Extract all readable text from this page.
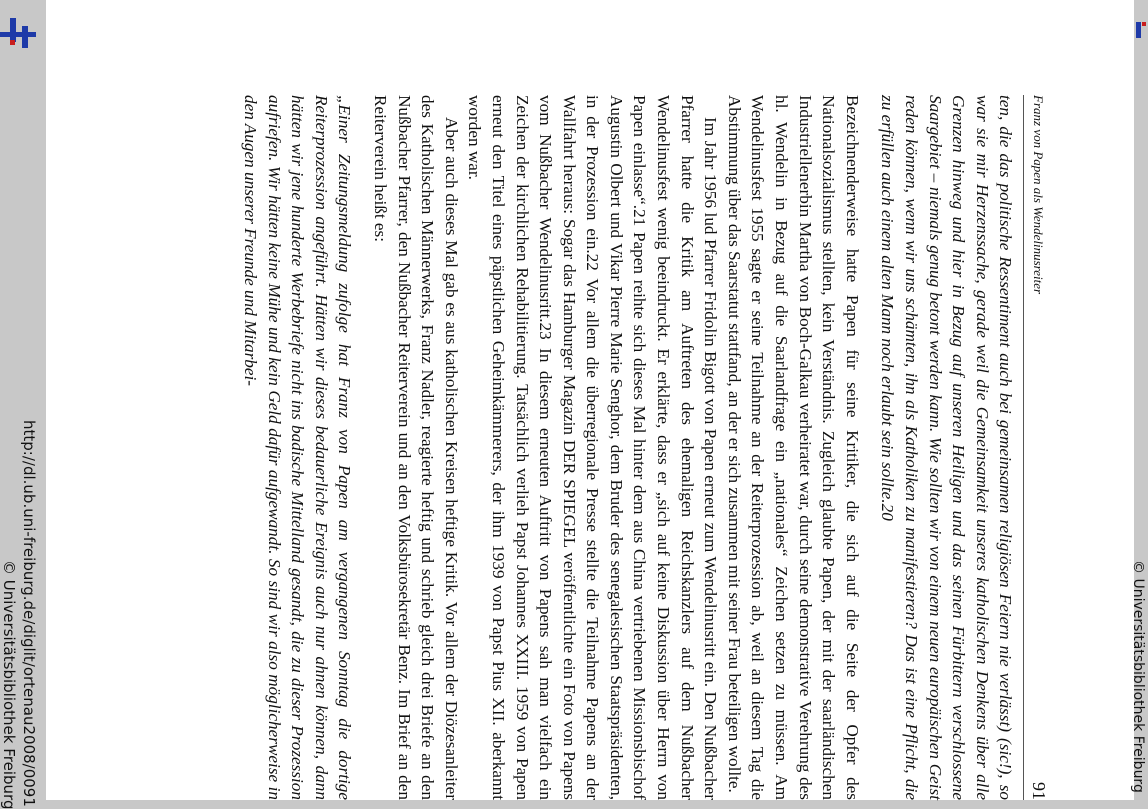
http://dl.ub.uni-freiburg.de/diglit/ortenau2008/0091
© Universitätsbibliothek Freiburg
Franz von Papen als Wendelinusreiter
91

ten, die das politische Ressentiment auch bei gemeinsamen religiösen Feiern nie verlässt) (sic!), so war sie mir Herzenssache, gerade weil die Gemeinsamkeit unseres katholischen Denkens über alle Grenzen hinweg und hier in Bezug auf unseren Heiligen und das seinen Fürbittern verschlossene Saargebiet – niemals genug betont werden kann. Wie sollten wir von einem neuen europäischen Geist reden können, wenn wir uns schämten, ihn als Katholiken zu manifestieren? Das ist eine Pflicht, die zu erfüllen auch einem alten Mann noch erlaubt sein sollte.20

Bezeichnenderweise hatte Papen für seine Kritiker, die sich auf die Seite der Opfer des Nationalsozialismus stellten, kein Verständnis. Zugleich glaubte Papen, der mit der saarländischen Industriellenerbin Martha von Boch-Galkau verheiratet war, durch seine demonstrative Verehrung des hl. Wendelin in Bezug auf die Saarlandfrage ein „nationales“ Zeichen setzen zu müssen. Am Wendelinusfest 1955 sagte er seine Teilnahme an der Reiterprozession ab, weil an diesem Tag die Abstimmung über das Saarstatut stattfand, an der er sich zusammen mit seiner Frau beteiligen wollte.

Im Jahr 1956 lud Pfarrer Fridolin Bigott von Papen erneut zum Wendelinusritt ein. Den Nußbacher Pfarrer hatte die Kritik am Auftreten des ehemaligen Reichskanzlers auf dem Nußbacher Wendelinusfest wenig beeindruckt. Er erklärte, dass er „sich auf keine Diskussion über Herrn von Papen einlasse“.21 Papen reihte sich dieses Mal hinter dem aus China vertriebenen Missionsbischof Augustin Olbert und Vikar Pierre Marie Senghor, dem Bruder des senegalesischen Staatspräsidenten, in der Prozession ein.22 Vor allem die überregionale Presse stellte die Teilnahme Papens an der Wallfahrt heraus: Sogar das Hamburger Magazin DER SPIEGEL veröffentlichte ein Foto von Papens vom Nußbacher Wendelinusritt.23 In diesem erneuten Auftritt von Papens sah man vielfach ein Zeichen der kirchlichen Rehabilitierung. Tatsächlich verlieh Papst Johannes XXIII. 1959 von Papen erneut den Titel eines päpstlichen Geheimkämmerers, der ihm 1939 von Papst Pius XII. aberkannt worden war.

Aber auch dieses Mal gab es aus katholischen Kreisen heftige Kritik. Vor allem der Diözesanleiter des Katholischen Männerwerks, Franz Nadler, reagierte heftig und schrieb gleich drei Briefe an den Nußbacher Pfarrer, den Nußbacher Reiterverein und an den Volksbürosekretär Benz. Im Brief an den Reiterverein heißt es:

„Einer Zeitungsmeldung zufolge hat Franz von Papen am vergangenen Sonntag die dortige Reiterprozession angeführt. Hätten wir dieses bedauerliche Ereignis auch nur ahnen können, dann hätten wir jene hunderte Werbebriefe nicht ins badische Mittelland gesandt, die zu dieser Prozession aufriefen. Wir hätten keine Mühe und kein Geld dafür aufgewandt. So sind wir also möglicherweise in den Augen unserer Freunde und Mitarbei-

© Universitätsbibliothek Freiburg
